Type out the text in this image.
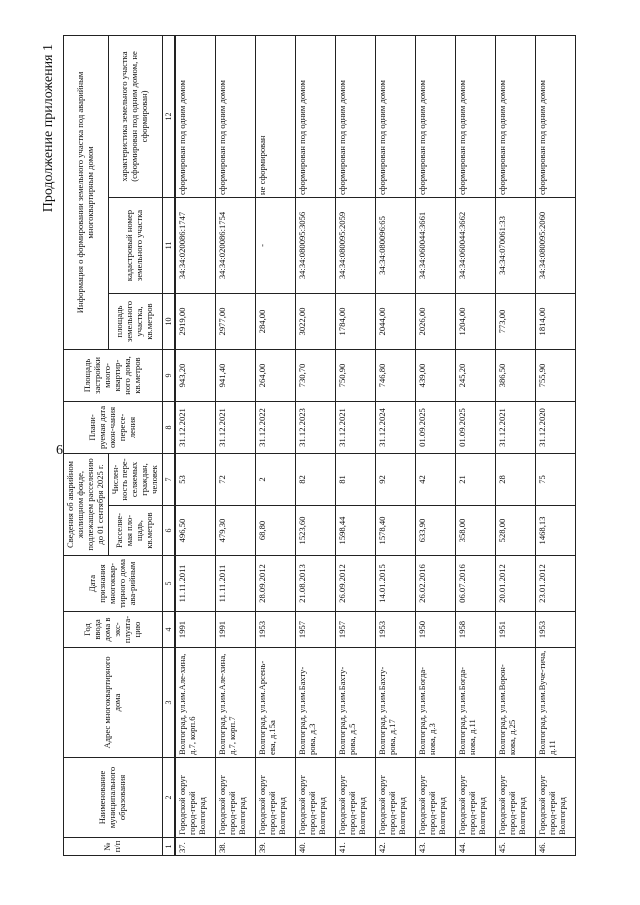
6
Продолжение приложения 1
№ п/п	Наименование муниципального образования	Адрес многоквартирного дома	Год ввода дома в экс-плуата-цию	Дата признания многоквар-тирного дома ава-рийным	Сведения об аварийном жилищном фонде, подлежащем расселению до 01 сентября 2025 г.		Плани-руемая дата окон-чания пересе-ления	Площадь застройки много-квартир-ного дома, кв.метров	Информация о формировании земельного участка под аварийным многоквартирным домом		
					Расселяе-мая пло-щадь, кв.метров	Числен-ность пере-селяемых граждан, человек			площадь земельного участка, кв.метров	кадастровый номер земельного участка	характеристика земельного участка (сформирован под одним домом, не сформирован)
1	2	3	4	5	6	7	8	9	10	11	12
37.	Городской округ город-герой Волгоград	Волгоград, ул.им.Але-хина, д.7, корп.6	1991	11.11.2011	496,50	53	31.12.2021	943,20	2919,00	34:34:020086:1747	сформирован под одним домом
38.	Городской округ город-герой Волгоград	Волгоград, ул.им.Але-хина, д.7, корп.7	1991	11.11.2011	479,30	72	31.12.2021	941,40	2977,00	34:34:020086:1754	сформирован под одним домом
39.	Городской округ город-герой Волгоград	Волгоград, ул.им.Арсень-ева, д.15а	1953	28.09.2012	68,80	2	31.12.2022	264,00	284,00	-	не сформирован
40.	Городской округ город-герой Волгоград	Волгоград, ул.им.Бахту-рова, д.3	1957	21.08.2013	1523,60	82	31.12.2023	730,70	3022,00	34:34:080095:3056	сформирован под одним домом
41.	Городской округ город-герой Волгоград	Волгоград, ул.им.Бахту-рова, д.5	1957	26.09.2012	1598,44	81	31.12.2021	750,90	1784,00	34:34:080095:2059	сформирован под одним домом
42.	Городской округ город-герой Волгоград	Волгоград, ул.им.Бахту-рова, д.17	1953	14.01.2015	1578,40	92	31.12.2024	746,80	2044,00	34:34:080096:65	сформирован под одним домом
43.	Городской округ город-герой Волгоград	Волгоград, ул.им.Богда-нова, д.3	1950	26.02.2016	633,90	42	01.09.2025	439,00	2026,00	34:34:060044:3661	сформирован под одним домом
44.	Городской округ город-герой Волгоград	Волгоград, ул.им.Богда-нова, д.11	1958	06.07.2016	358,00	21	01.09.2025	245,20	1204,00	34:34:060044:3662	сформирован под одним домом
45.	Городской округ город-герой Волгоград	Волгоград, ул.им.Ворон-кова, д.25	1951	20.01.2012	528,00	28	31.12.2021	386,50	773,00	34:34:070061:33	сформирован под одним домом
46.	Городской округ город-герой Волгоград	Волгоград, ул.им.Вуче-тича, д.11	1953	23.01.2012	1468,13	75	31.12.2020	755,90	1814,00	34:34:080095:2060	сформирован под одним домом
